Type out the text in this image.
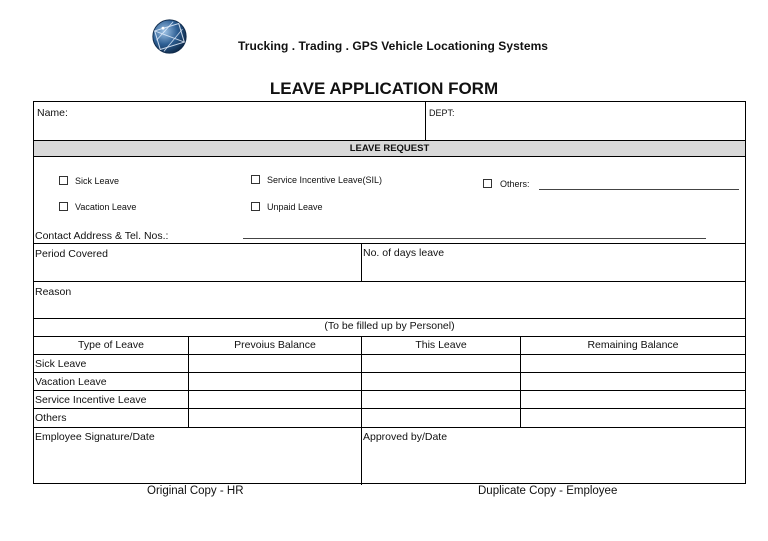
Trucking . Trading . GPS Vehicle Locationing Systems
LEAVE APPLICATION FORM
Name:	DEPT:
LEAVE REQUEST
Sick Leave	Service Incentive Leave(SIL)	Others:
Vacation Leave	Unpaid Leave
Contact Address & Tel. Nos.:
Period Covered	No. of days leave
Reason
(To be filled up by Personel)
Type of Leave	Prevoius Balance	This Leave	Remaining Balance
Sick Leave
Vacation Leave
Service Incentive Leave
Others
Employee Signature/Date	Approved by/Date
Original Copy - HR	Duplicate Copy - Employee
